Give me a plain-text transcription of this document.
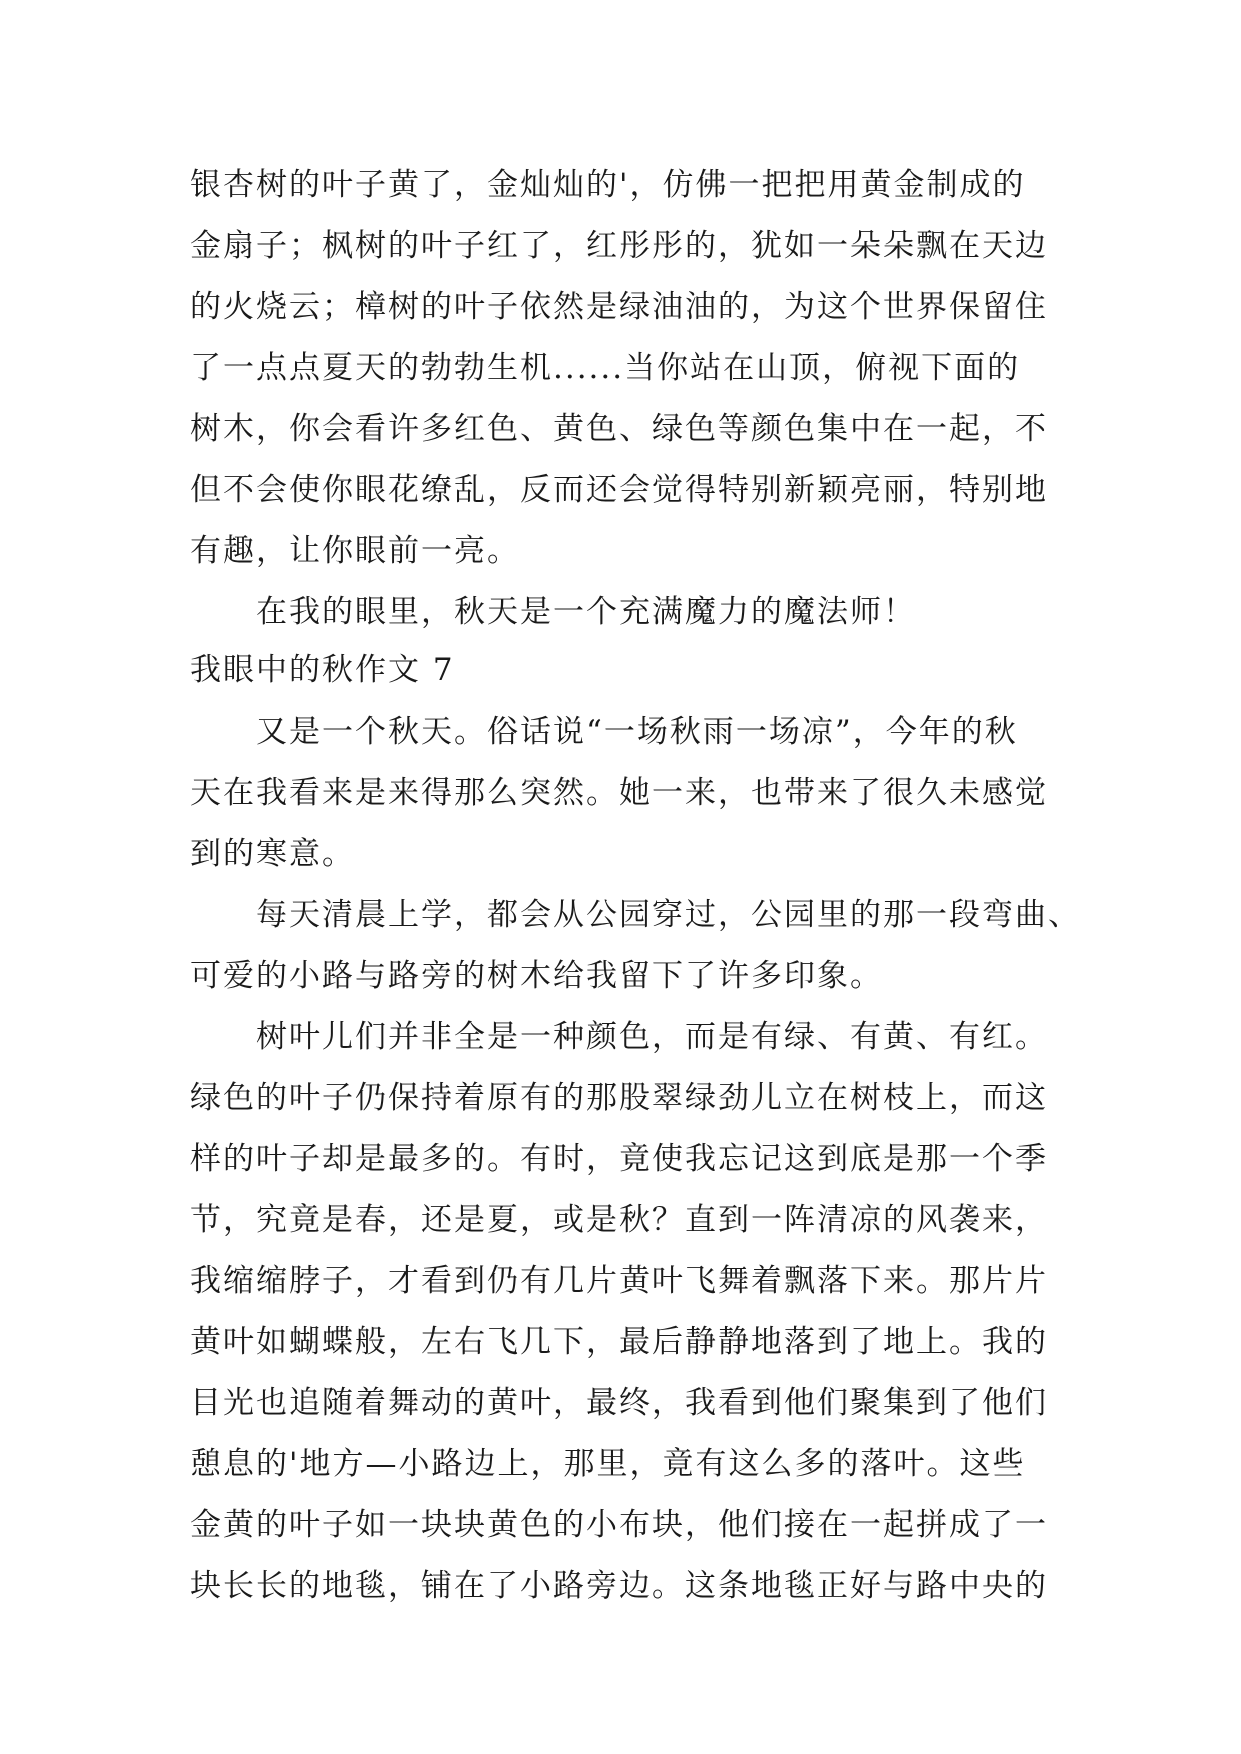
银杏树的叶子黄了，金灿灿的'，仿佛一把把用黄金制成的
金扇子；枫树的叶子红了，红彤彤的，犹如一朵朵飘在天边
的火烧云；樟树的叶子依然是绿油油的，为这个世界保留住
了一点点夏天的勃勃生机......当你站在山顶，俯视下面的
树木，你会看许多红色、黄色、绿色等颜色集中在一起，不
但不会使你眼花缭乱，反而还会觉得特别新颖亮丽，特别地
有趣，让你眼前一亮。
在我的眼里，秋天是一个充满魔力的魔法师！
我眼中的秋作文 7
又是一个秋天。俗话说“一场秋雨一场凉”，今年的秋
天在我看来是来得那么突然。她一来，也带来了很久未感觉
到的寒意。
每天清晨上学，都会从公园穿过，公园里的那一段弯曲、
可爱的小路与路旁的树木给我留下了许多印象。
树叶儿们并非全是一种颜色，而是有绿、有黄、有红。
绿色的叶子仍保持着原有的那股翠绿劲儿立在树枝上，而这
样的叶子却是最多的。有时，竟使我忘记这到底是那一个季
节，究竟是春，还是夏，或是秋？直到一阵清凉的风袭来，
我缩缩脖子，才看到仍有几片黄叶飞舞着飘落下来。那片片
黄叶如蝴蝶般，左右飞几下，最后静静地落到了地上。我的
目光也追随着舞动的黄叶，最终，我看到他们聚集到了他们
憩息的'地方—小路边上，那里，竟有这么多的落叶。这些
金黄的叶子如一块块黄色的小布块，他们接在一起拼成了一
块长长的地毯，铺在了小路旁边。这条地毯正好与路中央的
